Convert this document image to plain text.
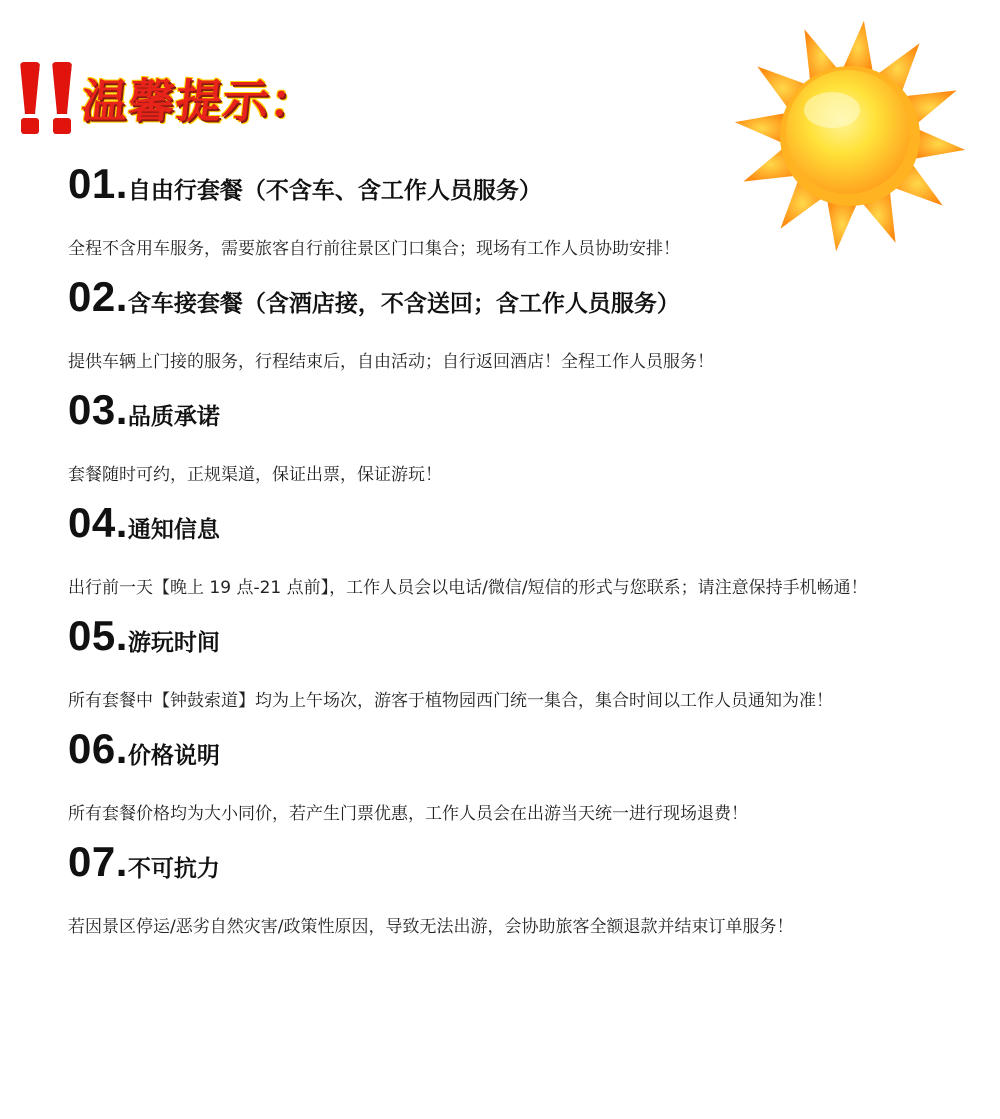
温馨提示：
01. 自由行套餐（不含车、含工作人员服务）
全程不含用车服务，需要旅客自行前往景区门口集合；现场有工作人员协助安排！
02. 含车接套餐（含酒店接，不含送回；含工作人员服务）
提供车辆上门接的服务，行程结束后，自由活动；自行返回酒店！全程工作人员服务！
03. 品质承诺
套餐随时可约，正规渠道，保证出票，保证游玩！
04. 通知信息
出行前一天【晚上 19 点-21 点前】，工作人员会以电话/微信/短信的形式与您联系；请注意保持手机畅通！
05. 游玩时间
所有套餐中【钟鼓索道】均为上午场次，游客于植物园西门统一集合，集合时间以工作人员通知为准！
06. 价格说明
所有套餐价格均为大小同价，若产生门票优惠，工作人员会在出游当天统一进行现场退费！
07. 不可抗力
若因景区停运/恶劣自然灾害/政策性原因，导致无法出游，会协助旅客全额退款并结束订单服务！
